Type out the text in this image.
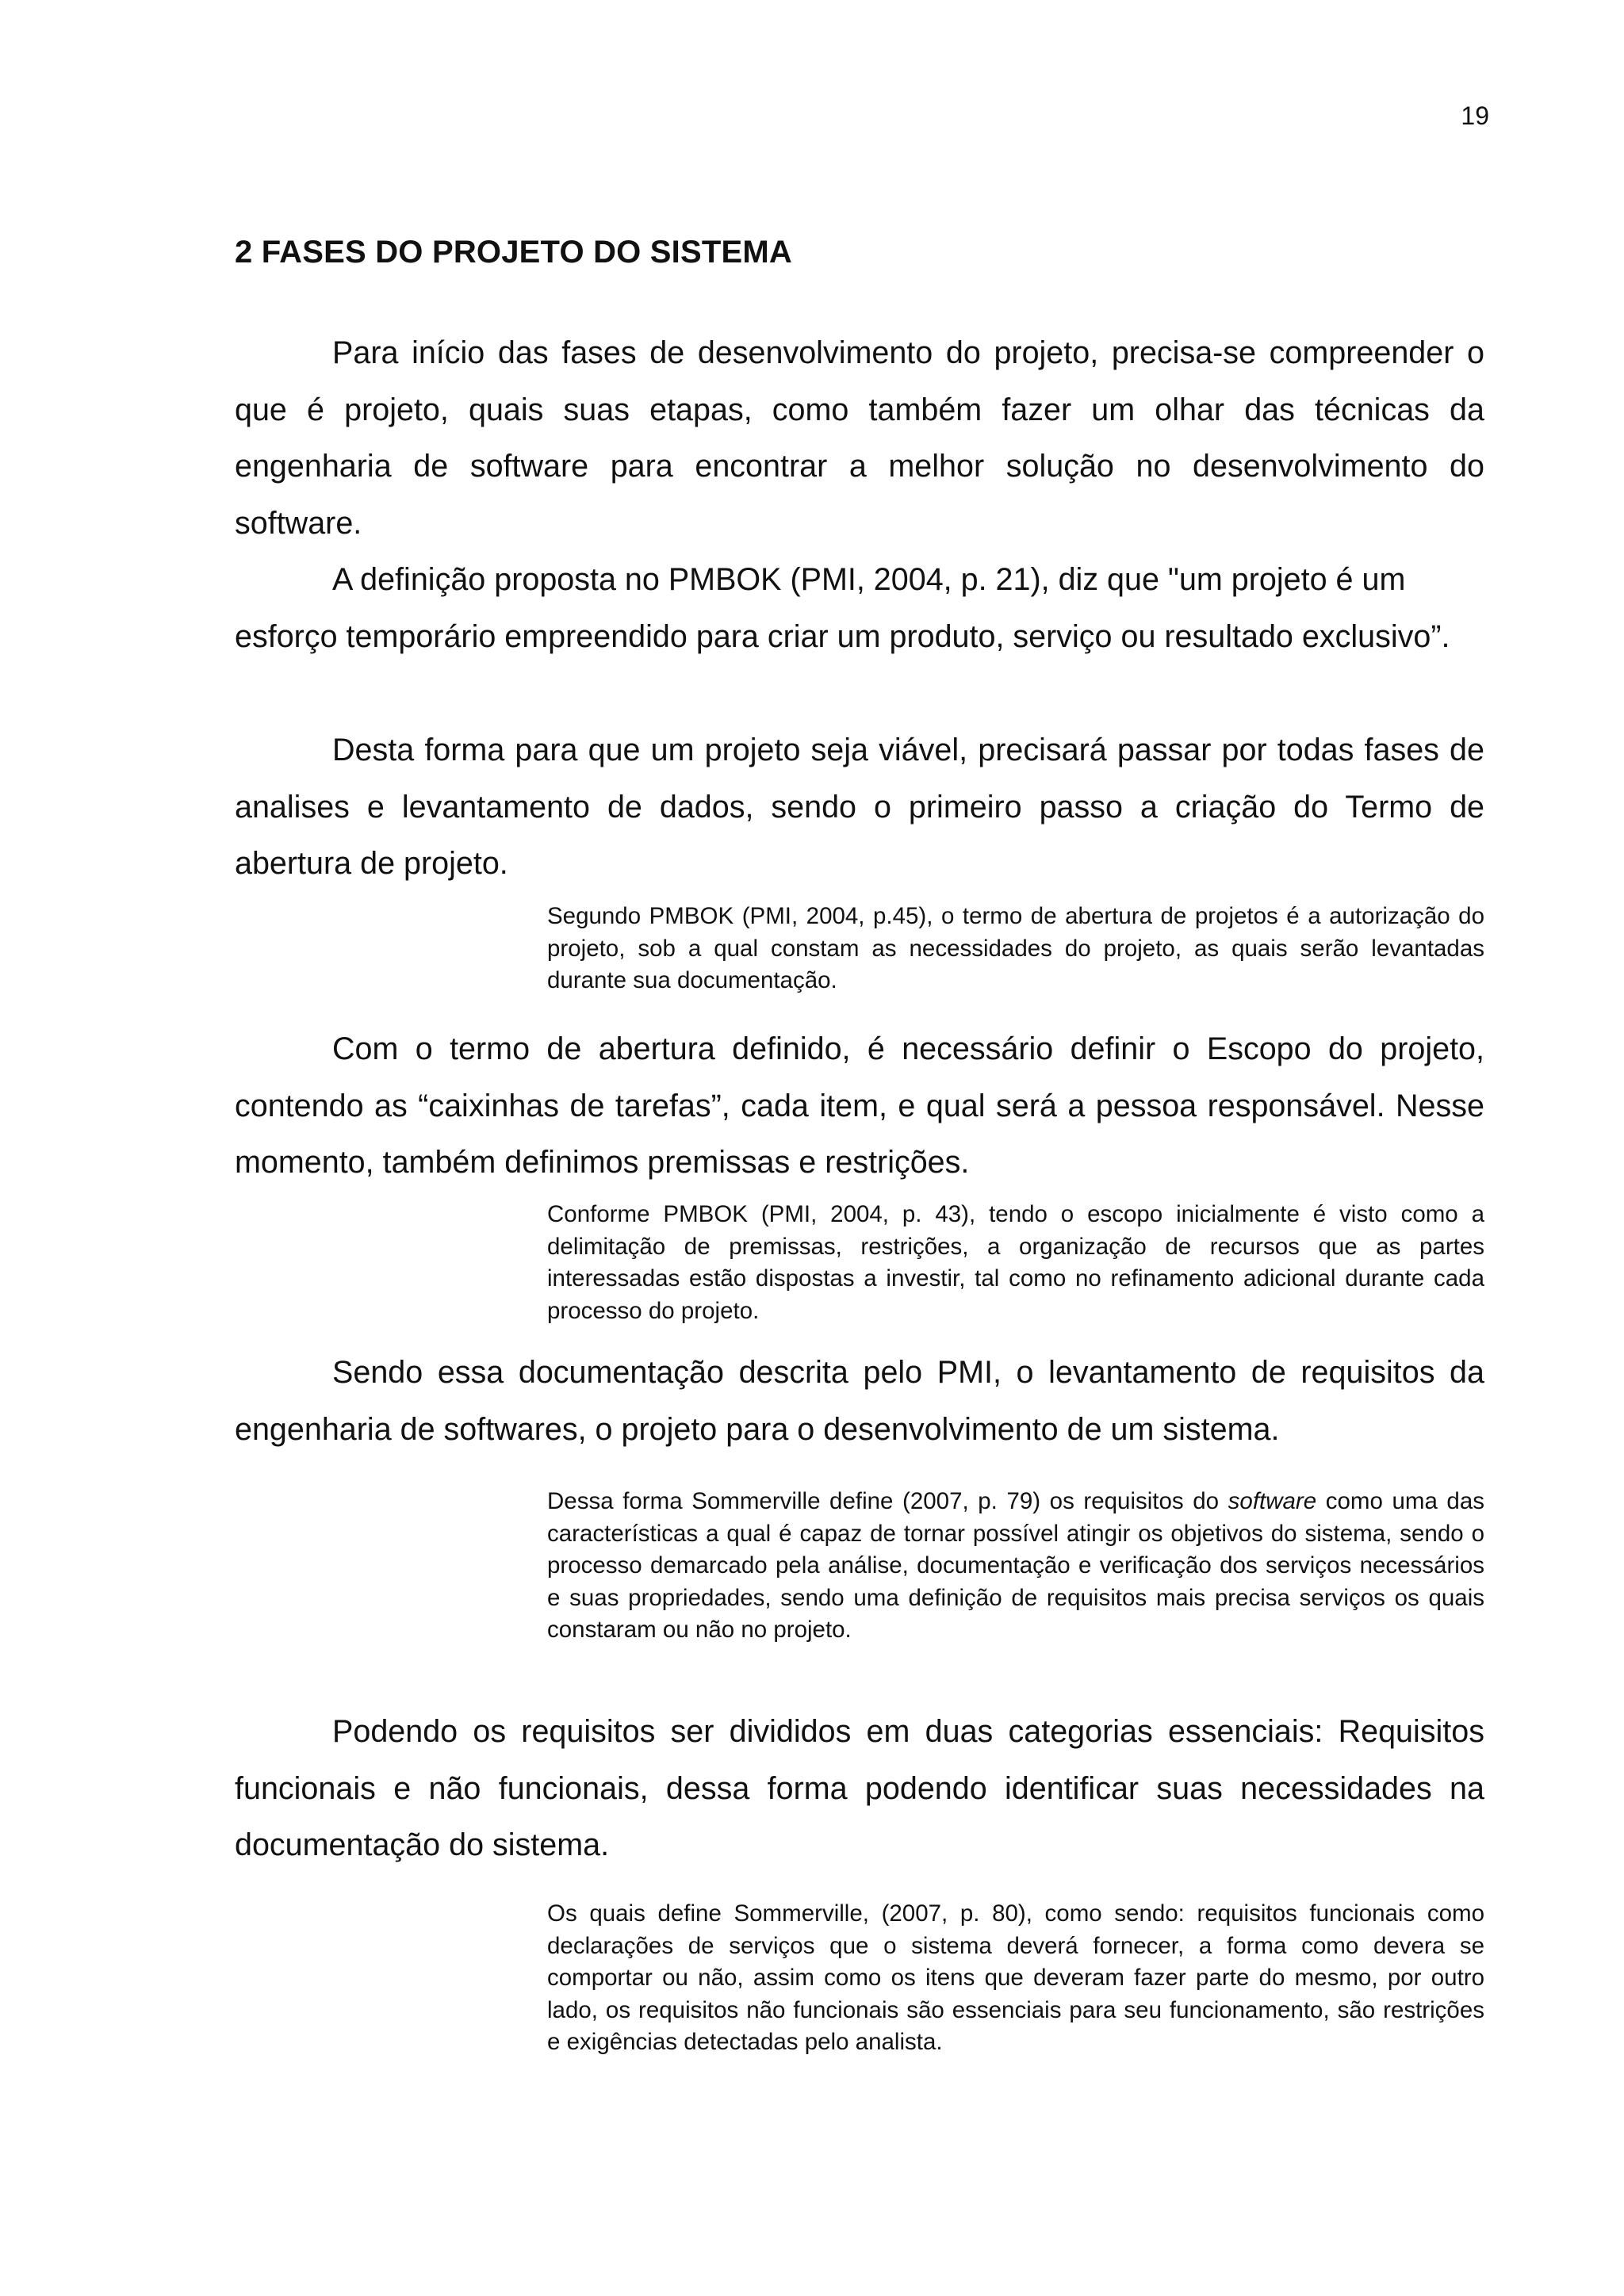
19
2 FASES DO PROJETO DO SISTEMA

Para início das fases de desenvolvimento do projeto, precisa-se compreender o que é projeto, quais suas etapas, como também fazer um olhar das técnicas da engenharia de software para encontrar a melhor solução no desenvolvimento do software.

A definição proposta no PMBOK (PMI, 2004, p. 21), diz que "um projeto é um esforço temporário empreendido para criar um produto, serviço ou resultado exclusivo”.

Desta forma para que um projeto seja viável, precisará passar por todas fases de analises e levantamento de dados, sendo o primeiro passo a criação do Termo de abertura de projeto.

Segundo PMBOK (PMI, 2004, p.45), o termo de abertura de projetos é a autorização do projeto, sob a qual constam as necessidades do projeto, as quais serão levantadas durante sua documentação.

Com o termo de abertura definido, é necessário definir o Escopo do projeto, contendo as “caixinhas de tarefas”, cada item, e qual será a pessoa responsável. Nesse momento, também definimos premissas e restrições.

Conforme PMBOK (PMI, 2004, p. 43), tendo o escopo inicialmente é visto como a delimitação de premissas, restrições, a organização de recursos que as partes interessadas estão dispostas a investir, tal como no refinamento adicional durante cada processo do projeto.

Sendo essa documentação descrita pelo PMI, o levantamento de requisitos da engenharia de softwares, o projeto para o desenvolvimento de um sistema.

Dessa forma Sommerville define (2007, p. 79) os requisitos do software como uma das características a qual é capaz de tornar possível atingir os objetivos do sistema, sendo o processo demarcado pela análise, documentação e verificação dos serviços necessários e suas propriedades, sendo uma definição de requisitos mais precisa serviços os quais constaram ou não no projeto.

Podendo os requisitos ser divididos em duas categorias essenciais: Requisitos funcionais e não funcionais, dessa forma podendo identificar suas necessidades na documentação do sistema.

Os quais define Sommerville, (2007, p. 80), como sendo: requisitos funcionais como declarações de serviços que o sistema deverá fornecer, a forma como devera se comportar ou não, assim como os itens que deveram fazer parte do mesmo, por outro lado, os requisitos não funcionais são essenciais para seu funcionamento, são restrições e exigências detectadas pelo analista.
